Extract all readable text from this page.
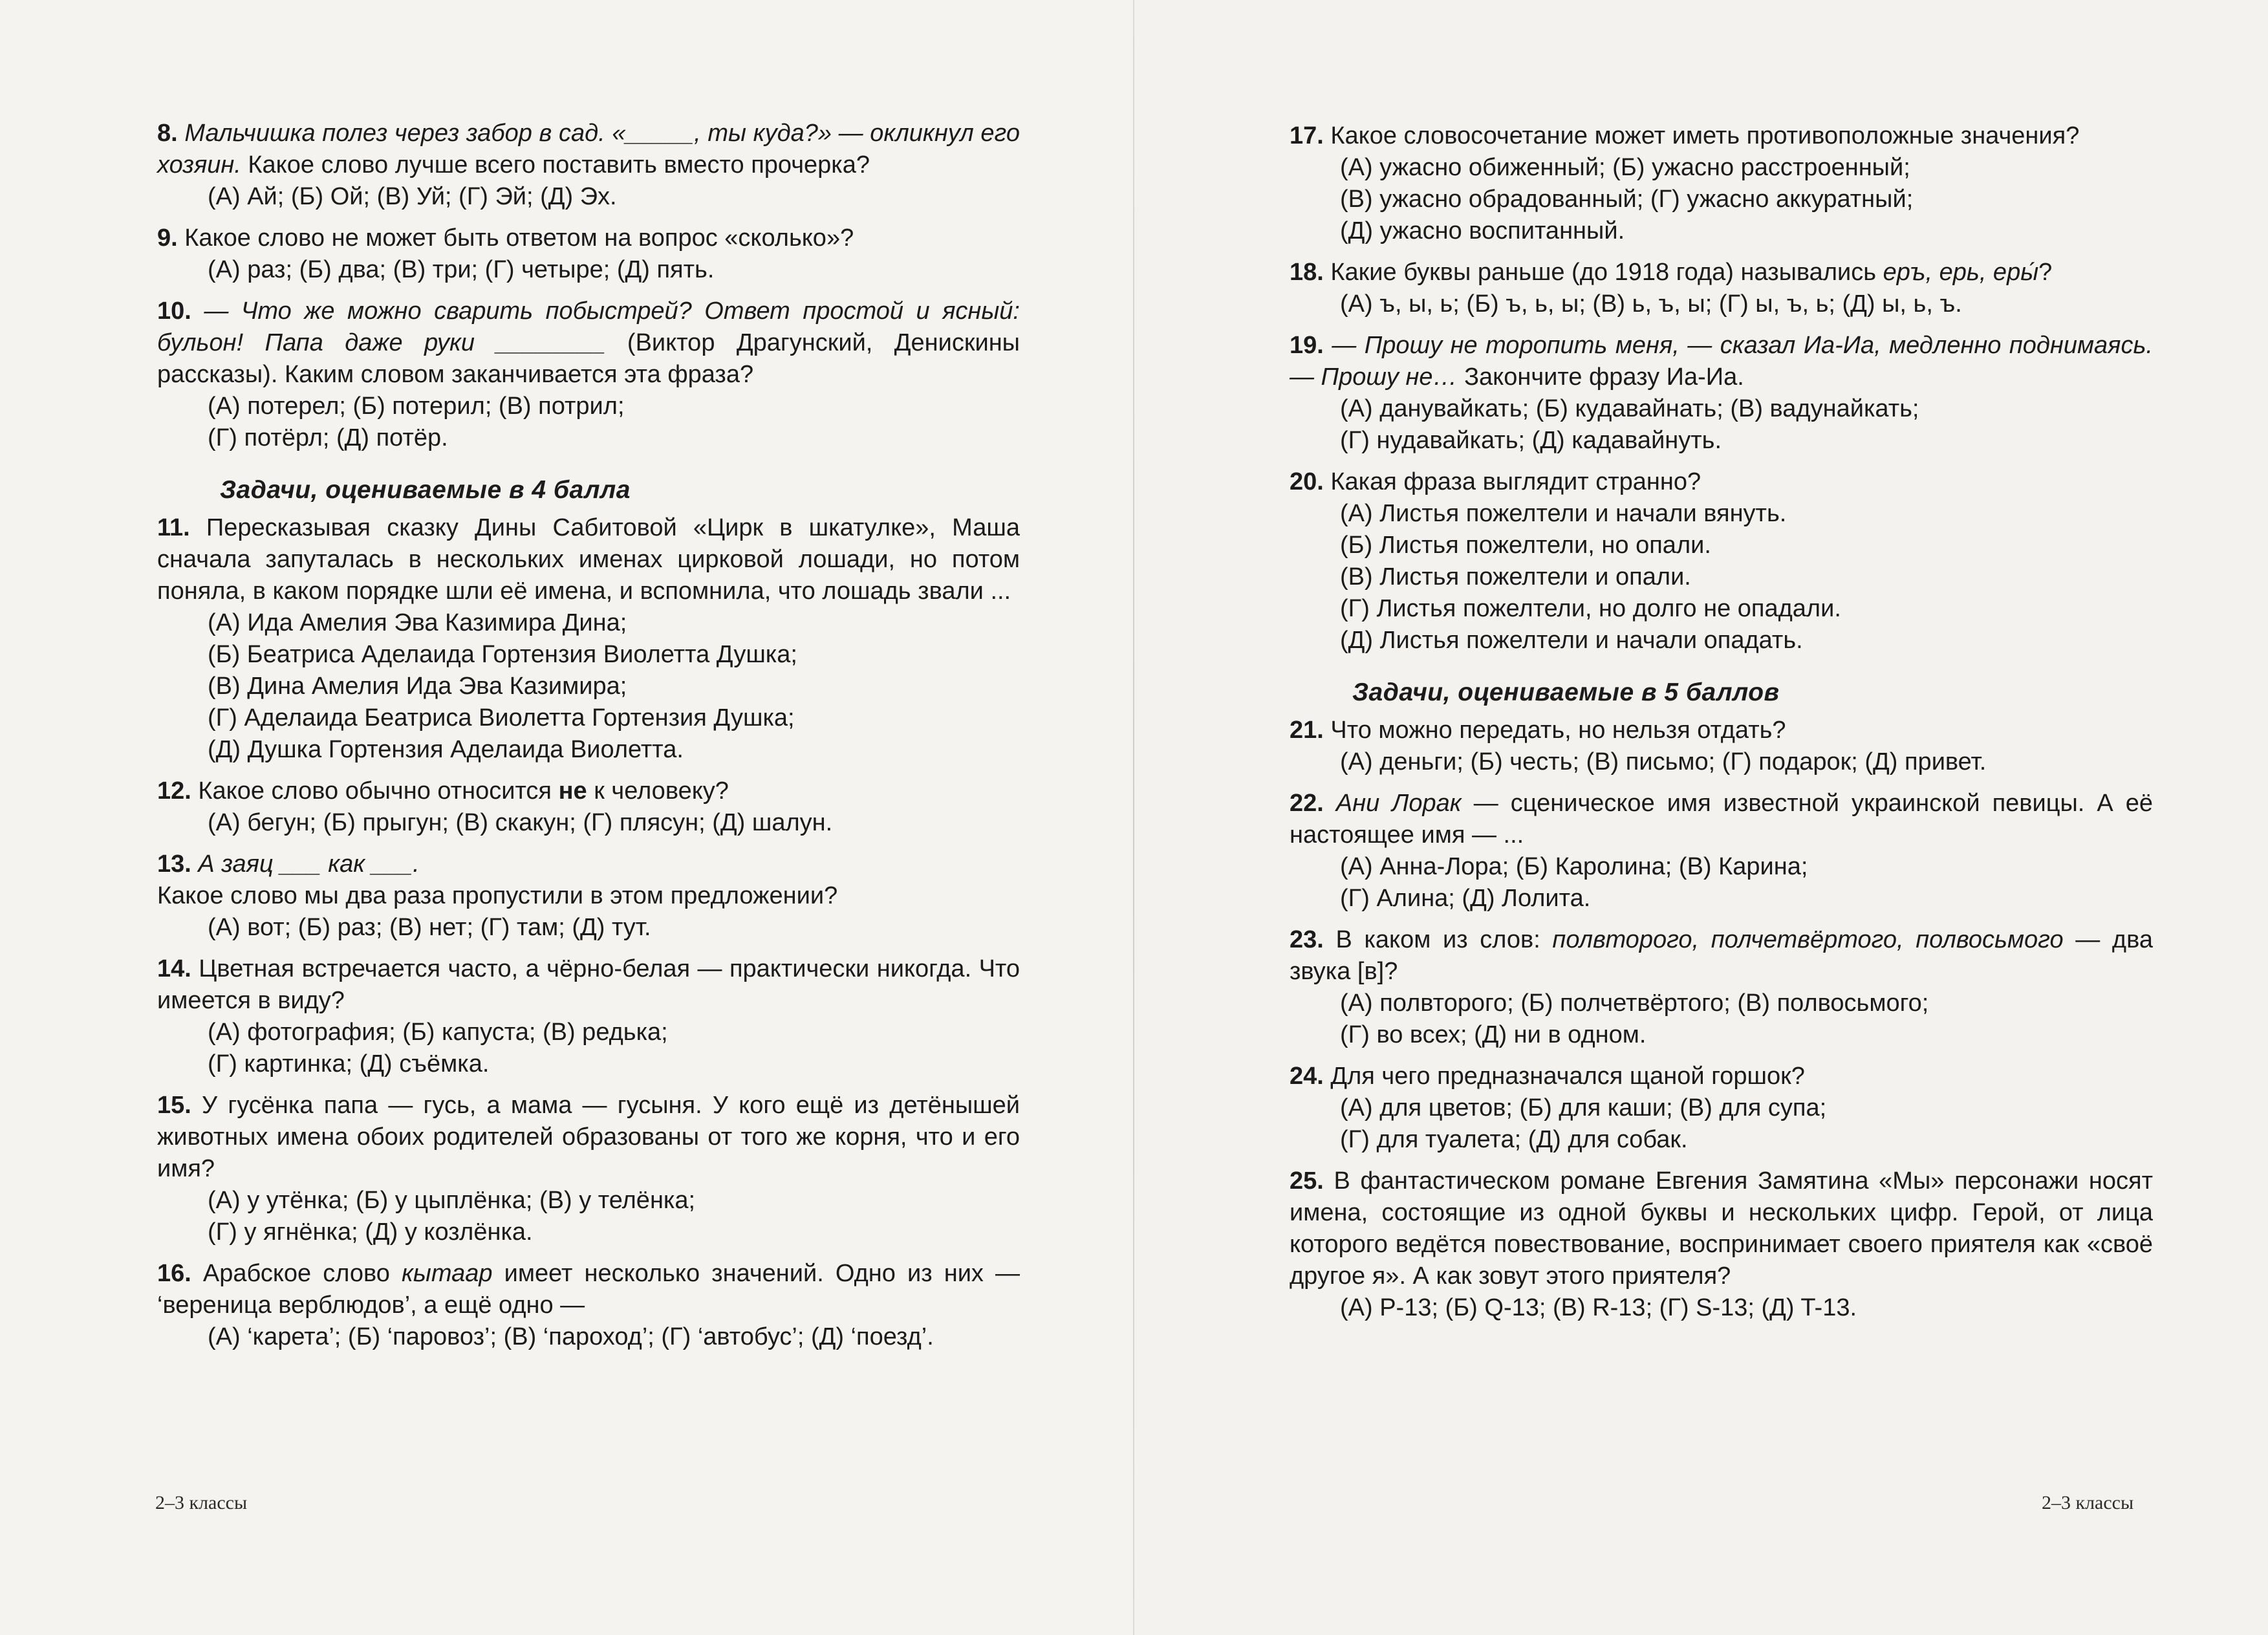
8. Мальчишка полез через забор в сад. «_____, ты куда?» — окликнул его хозяин. Какое слово лучше всего поставить вместо прочерка?
(А) Ай; (Б) Ой; (В) Уй; (Г) Эй; (Д) Эх.
9. Какое слово не может быть ответом на вопрос «сколько»?
(А) раз; (Б) два; (В) три; (Г) четыре; (Д) пять.
10. — Что же можно сварить побыстрей? Ответ простой и ясный: бульон! Папа даже руки ________ (Виктор Драгунский, Денискины рассказы). Каким словом заканчивается эта фраза?
(А) потерел; (Б) потерил; (В) потрил;
(Г) потёрл; (Д) потёр.
Задачи, оцениваемые в 4 балла
11. Пересказывая сказку Дины Сабитовой «Цирк в шкатулке», Маша сначала запуталась в нескольких именах цирковой лошади, но потом поняла, в каком порядке шли её имена, и вспомнила, что лошадь звали ...
(А) Ида Амелия Эва Казимира Дина;
(Б) Беатриса Аделаида Гортензия Виолетта Душка;
(В) Дина Амелия Ида Эва Казимира;
(Г) Аделаида Беатриса Виолетта Гортензия Душка;
(Д) Душка Гортензия Аделаида Виолетта.
12. Какое слово обычно относится не к человеку?
(А) бегун; (Б) прыгун; (В) скакун; (Г) плясун; (Д) шалун.
13. А заяц ___ как ___.
Какое слово мы два раза пропустили в этом предложении?
(А) вот; (Б) раз; (В) нет; (Г) там; (Д) тут.
14. Цветная встречается часто, а чёрно-белая — практически никогда. Что имеется в виду?
(А) фотография; (Б) капуста; (В) редька;
(Г) картинка; (Д) съёмка.
15. У гусёнка папа — гусь, а мама — гусыня. У кого ещё из детёнышей животных имена обоих родителей образованы от того же корня, что и его имя?
(А) у утёнка; (Б) у цыплёнка; (В) у телёнка;
(Г) у ягнёнка; (Д) у козлёнка.
16. Арабское слово кытаар имеет несколько значений. Одно из них — ‘вереница верблюдов’, а ещё одно —
(А) ‘карета’; (Б) ‘паровоз’; (В) ‘пароход’; (Г) ‘автобус’; (Д) ‘поезд’.
2–3 классы
17. Какое словосочетание может иметь противоположные значения?
(А) ужасно обиженный; (Б) ужасно расстроенный;
(В) ужасно обрадованный; (Г) ужасно аккуратный;
(Д) ужасно воспитанный.
18. Какие буквы раньше (до 1918 года) назывались еръ, ерь, еры́?
(А) ъ, ы, ь; (Б) ъ, ь, ы; (В) ь, ъ, ы; (Г) ы, ъ, ь; (Д) ы, ь, ъ.
19. — Прошу не торопить меня, — сказал Иа-Иа, медленно поднимаясь. — Прошу не… Закончите фразу Иа-Иа.
(А) данувайкать; (Б) кудавайнать; (В) вадунайкать;
(Г) нудавайкать; (Д) кадавайнуть.
20. Какая фраза выглядит странно?
(А) Листья пожелтели и начали вянуть.
(Б) Листья пожелтели, но опали.
(В) Листья пожелтели и опали.
(Г) Листья пожелтели, но долго не опадали.
(Д) Листья пожелтели и начали опадать.
Задачи, оцениваемые в 5 баллов
21. Что можно передать, но нельзя отдать?
(А) деньги; (Б) честь; (В) письмо; (Г) подарок; (Д) привет.
22. Ани Лорак — сценическое имя известной украинской певицы. А её настоящее имя — ...
(А) Анна-Лора; (Б) Каролина; (В) Карина;
(Г) Алина; (Д) Лолита.
23. В каком из слов: полвторого, полчетвёртого, полвосьмого — два звука [в]?
(А) полвторого; (Б) полчетвёртого; (В) полвосьмого;
(Г) во всех; (Д) ни в одном.
24. Для чего предназначался щаной горшок?
(А) для цветов; (Б) для каши; (В) для супа;
(Г) для туалета; (Д) для собак.
25. В фантастическом романе Евгения Замятина «Мы» персонажи носят имена, состоящие из одной буквы и нескольких цифр. Герой, от лица которого ведётся повествование, воспринимает своего приятеля как «своё другое я». А как зовут этого приятеля?
(А) P-13; (Б) Q-13; (В) R-13; (Г) S-13; (Д) T-13.
2–3 классы
